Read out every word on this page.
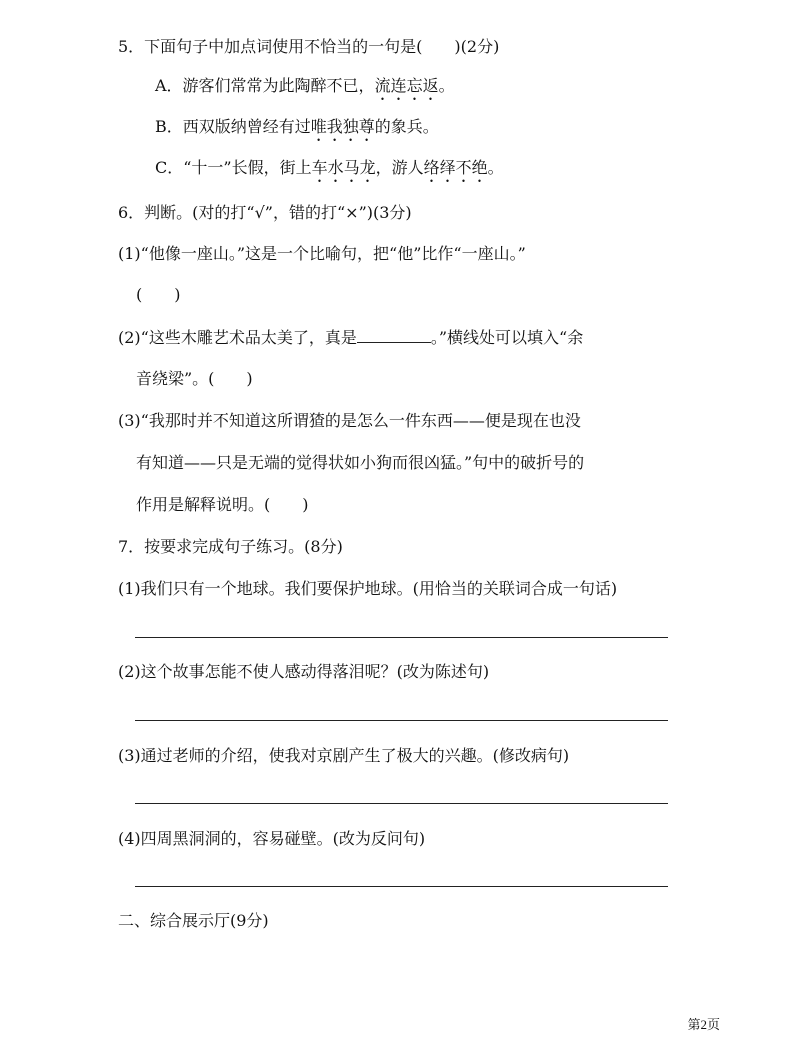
5．下面句子中加点词使用不恰当的一句是(　　)(2分)
A．游客们常常为此陶醉不已，流连忘返。
B．西双版纳曾经有过唯我独尊的象兵。
C．“十一”长假，街上车水马龙，游人络绎不绝。
6．判断。(对的打“√”，错的打“×”)(3分)
(1)“他像一座山。”这是一个比喻句，把“他”比作“一座山。”
(　　)
(2)“这些木雕艺术品太美了，真是	。”横线处可以填入“余
音绕梁”。(　　)
(3)“我那时并不知道这所谓猹的是怎么一件东西——便是现在也没
有知道——只是无端的觉得状如小狗而很凶猛。”句中的破折号的
作用是解释说明。(　　)
7．按要求完成句子练习。(8分)
(1)我们只有一个地球。我们要保护地球。(用恰当的关联词合成一句话)
(2)这个故事怎能不使人感动得落泪呢？(改为陈述句)
(3)通过老师的介绍，使我对京剧产生了极大的兴趣。(修改病句)
(4)四周黑洞洞的，容易碰壁。(改为反问句)
二、综合展示厅(9分)
第2页
